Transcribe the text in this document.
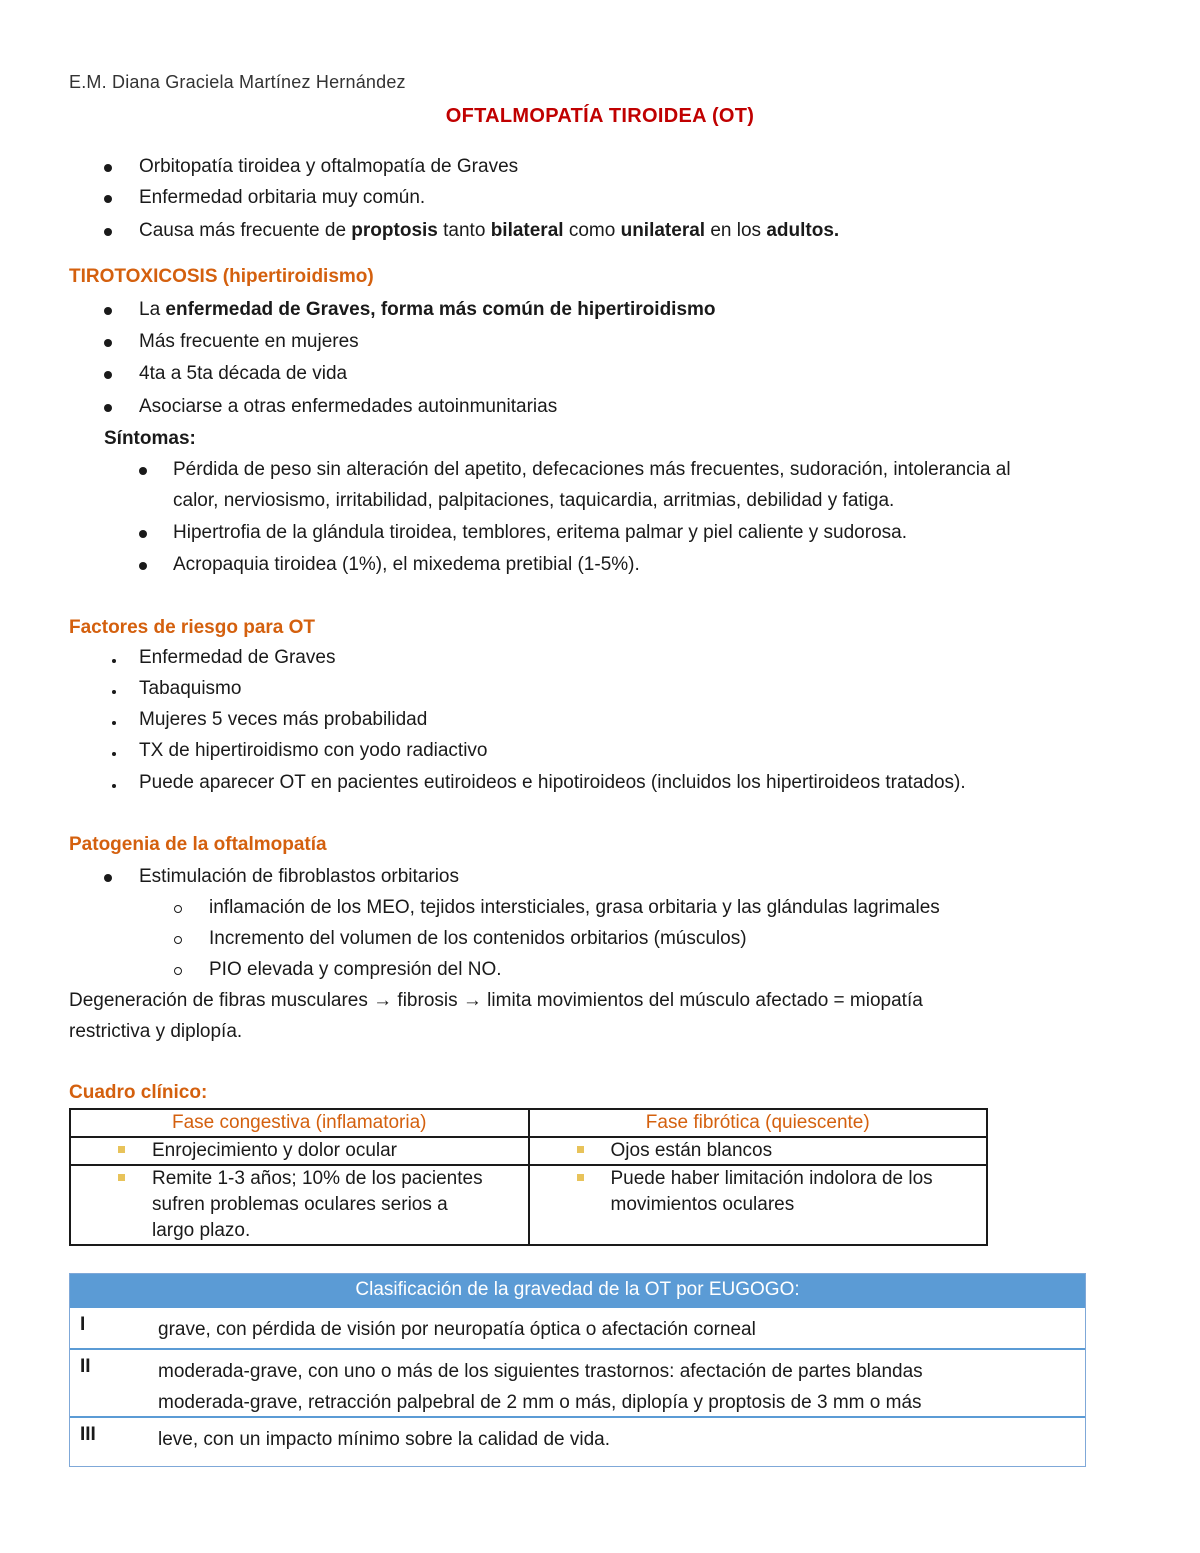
E.M. Diana Graciela Martínez Hernández
OFTALMOPATÍA TIROIDEA (OT)
Orbitopatía tiroidea y oftalmopatía de Graves
Enfermedad orbitaria muy común.
Causa más frecuente de proptosis tanto bilateral como unilateral en los adultos.
TIROTOXICOSIS (hipertiroidismo)
La enfermedad de Graves, forma más común de hipertiroidismo
Más frecuente en mujeres
4ta a 5ta década de vida
Asociarse a otras enfermedades autoinmunitarias
Síntomas:
Pérdida de peso sin alteración del apetito, defecaciones más frecuentes, sudoración, intolerancia al
calor, nerviosismo, irritabilidad, palpitaciones, taquicardia, arritmias, debilidad y fatiga.
Hipertrofia de la glándula tiroidea, temblores, eritema palmar y piel caliente y sudorosa.
Acropaquia tiroidea (1%), el mixedema pretibial (1-5%).
Factores de riesgo para OT
Enfermedad de Graves
Tabaquismo
Mujeres 5 veces más probabilidad
TX de hipertiroidismo con yodo radiactivo
Puede aparecer OT en pacientes eutiroideos e hipotiroideos (incluidos los hipertiroideos tratados).
Patogenia de la oftalmopatía
Estimulación de fibroblastos orbitarios
inflamación de los MEO, tejidos intersticiales, grasa orbitaria y las glándulas lagrimales
Incremento del volumen de los contenidos orbitarios (músculos)
PIO elevada y compresión del NO.
Degeneración de fibras musculares → fibrosis → limita movimientos del músculo afectado = miopatía
restrictiva y diplopía.
Cuadro clínico:
Fase congestiva (inflamatoria)	Fase fibrótica (quiescente)

Enrojecimiento y dolor ocular	Ojos están blancos

Remite 1-3 años; 10% de los pacientes
sufren problemas oculares serios a
largo plazo.	Puede haber limitación indolora de los
movimientos oculares
Clasificación de la gravedad de la OT por EUGOGO:
I	grave, con pérdida de visión por neuropatía óptica o afectación corneal
II	moderada-grave, con uno o más de los siguientes trastornos: afectación de partes blandas
moderada-grave, retracción palpebral de 2 mm o más, diplopía y proptosis de 3 mm o más
III	leve, con un impacto mínimo sobre la calidad de vida.
